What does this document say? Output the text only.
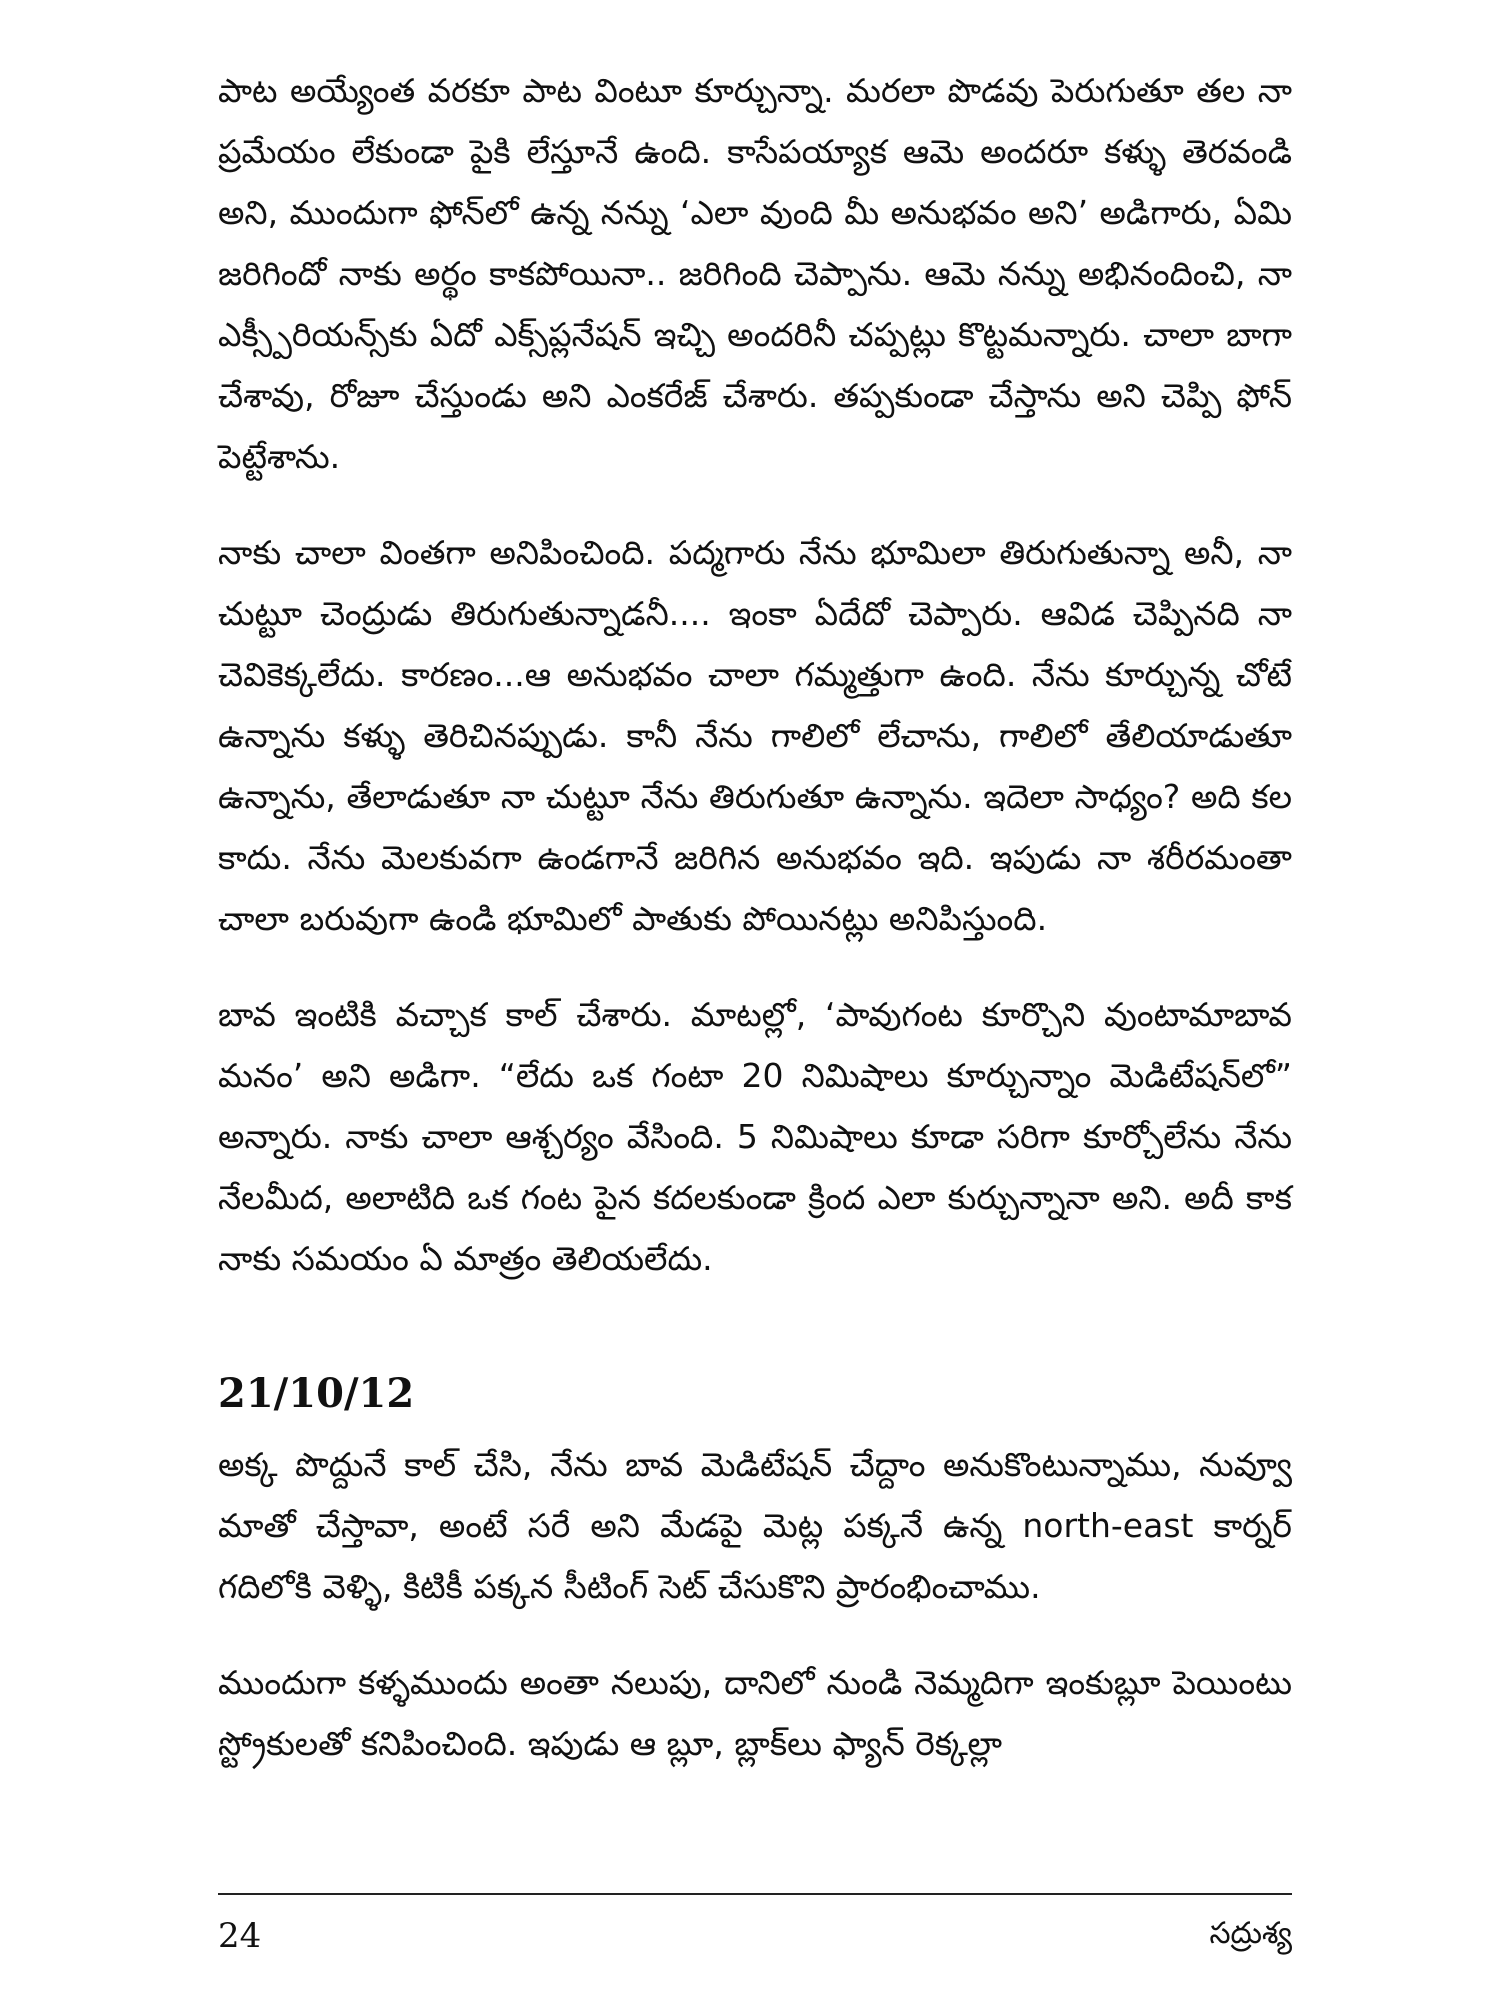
పాట అయ్యేంత వరకూ పాట వింటూ కూర్చున్నా. మరలా పొడవు పెరుగుతూ తల నా ప్రమేయం లేకుండా పైకి లేస్తూనే ఉంది. కాసేపయ్యాక ఆమె అందరూ కళ్ళు తెరవండి అని, ముందుగా ఫోన్‌లో ఉన్న నన్ను ‘ఎలా వుంది మీ అనుభవం అని’ అడిగారు, ఏమి జరిగిందో నాకు అర్థం కాకపోయినా.. జరిగింది చెప్పాను. ఆమె నన్ను అభినందించి, నా ఎక్స్పీరియన్స్‌కు ఏదో ఎక్స్‌ప్లనేషన్ ఇచ్చి అందరినీ చప్పట్లు కొట్టమన్నారు. చాలా బాగా చేశావు, రోజూ చేస్తుండు అని ఎంకరేజ్ చేశారు. తప్పకుండా చేస్తాను అని చెప్పి ఫోన్ పెట్టేశాను.

నాకు చాలా వింతగా అనిపించింది. పద్మగారు నేను భూమిలా తిరుగుతున్నా అనీ, నా చుట్టూ చెంద్రుడు తిరుగుతున్నాడనీ.... ఇంకా ఏదేదో చెప్పారు. ఆవిడ చెప్పినది నా చెవికెక్కలేదు. కారణం...ఆ అనుభవం చాలా గమ్మత్తుగా ఉంది. నేను కూర్చున్న చోటే ఉన్నాను కళ్ళు తెరిచినప్పుడు. కానీ నేను గాలిలో లేచాను, గాలిలో తేలియాడుతూ ఉన్నాను, తేలాడుతూ నా చుట్టూ నేను తిరుగుతూ ఉన్నాను. ఇదెలా సాధ్యం? అది కల కాదు. నేను మెలకువగా ఉండగానే జరిగిన అనుభవం ఇది. ఇపుడు నా శరీరమంతా చాలా బరువుగా ఉండి భూమిలో పాతుకు పోయినట్లు అనిపిస్తుంది.

బావ ఇంటికి వచ్చాక కాల్ చేశారు. మాటల్లో, ‘పావుగంట కూర్చొని వుంటామాబావ మనం’ అని అడిగా. “లేదు ఒక గంటా 20 నిమిషాలు కూర్చున్నాం మెడిటేషన్‌లో” అన్నారు. నాకు చాలా ఆశ్చర్యం వేసింది. 5 నిమిషాలు కూడా సరిగా కూర్చోలేను నేను నేలమీద, అలాటిది ఒక గంట పైన కదలకుండా క్రింద ఎలా కుర్చున్నానా అని. అదీ కాక నాకు సమయం ఏ మాత్రం తెలియలేదు.

21/10/12

అక్క పొద్దునే కాల్ చేసి, నేను బావ మెడిటేషన్ చేద్దాం అనుకొంటున్నాము, నువ్వూ మాతో చేస్తావా, అంటే సరే అని మేడపై మెట్ల పక్కనే ఉన్న north-east కార్నర్ గదిలోకి వెళ్ళి, కిటికీ పక్కన సీటింగ్ సెట్ చేసుకొని ప్రారంభించాము.

ముందుగా కళ్ళముందు అంతా నలుపు, దానిలో నుండి నెమ్మదిగా ఇంకుబ్లూ పెయింటు స్ట్రోకులతో కనిపించింది. ఇపుడు ఆ బ్లూ, బ్లాక్‌లు ఫ్యాన్ రెక్కల్లా

24	సద్రుశ్య
